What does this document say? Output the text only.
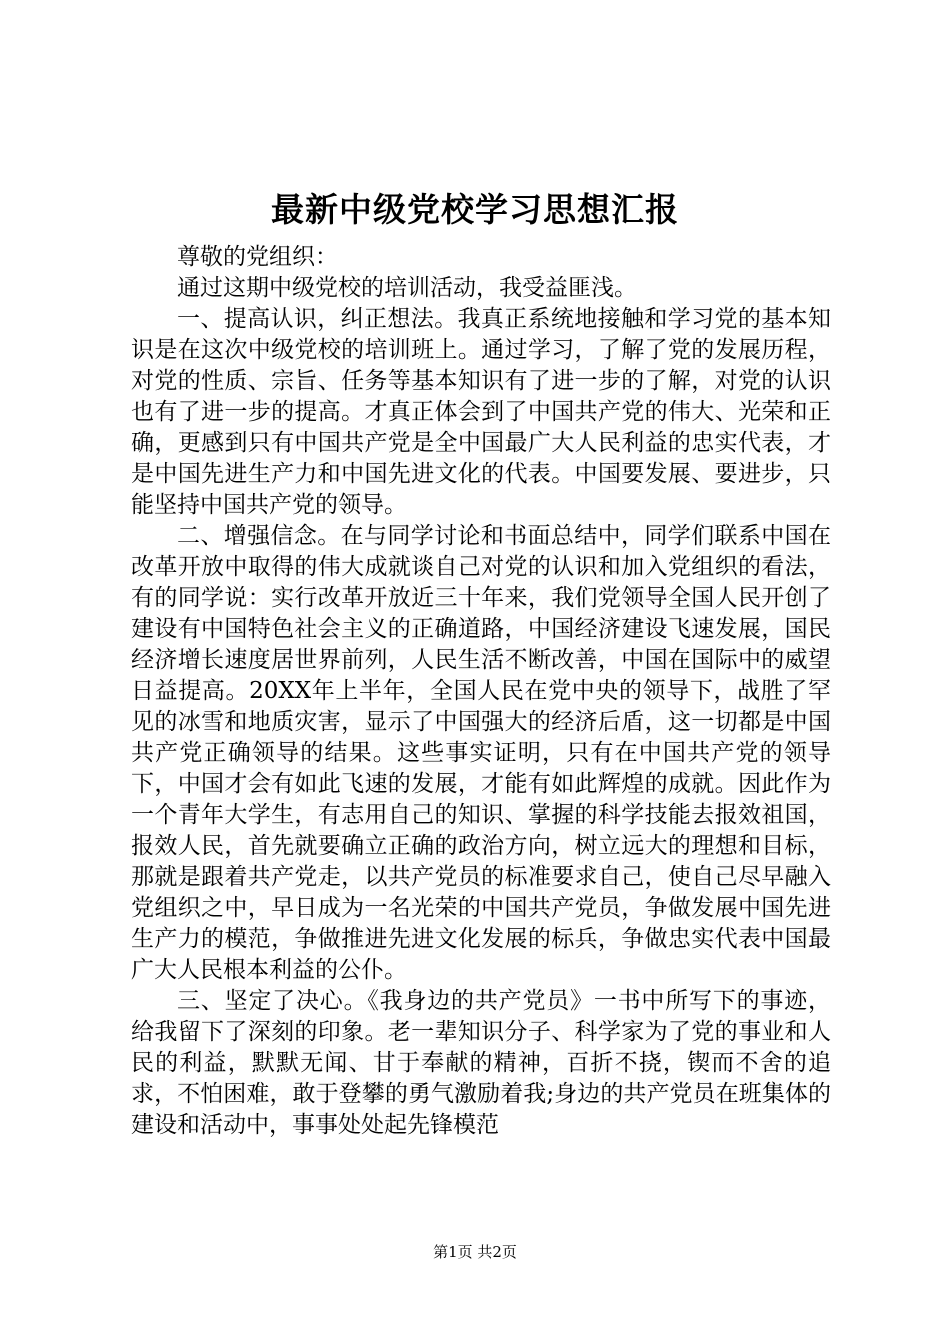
最新中级党校学习思想汇报

尊敬的党组织：

通过这期中级党校的培训活动，我受益匪浅。

一、提高认识，纠正想法。我真正系统地接触和学习党的基本知识是在这次中级党校的培训班上。通过学习，了解了党的发展历程，对党的性质、宗旨、任务等基本知识有了进一步的了解，对党的认识也有了进一步的提高。才真正体会到了中国共产党的伟大、光荣和正确，更感到只有中国共产党是全中国最广大人民利益的忠实代表，才是中国先进生产力和中国先进文化的代表。中国要发展、要进步，只能坚持中国共产党的领导。

二、增强信念。在与同学讨论和书面总结中，同学们联系中国在改革开放中取得的伟大成就谈自己对党的认识和加入党组织的看法，有的同学说：实行改革开放近三十年来，我们党领导全国人民开创了建设有中国特色社会主义的正确道路，中国经济建设飞速发展，国民经济增长速度居世界前列，人民生活不断改善，中国在国际中的威望日益提高。20XX年上半年，全国人民在党中央的领导下，战胜了罕见的冰雪和地质灾害，显示了中国强大的经济后盾，这一切都是中国共产党正确领导的结果。这些事实证明，只有在中国共产党的领导下，中国才会有如此飞速的发展，才能有如此辉煌的成就。因此作为一个青年大学生，有志用自己的知识、掌握的科学技能去报效祖国，报效人民，首先就要确立正确的政治方向，树立远大的理想和目标，那就是跟着共产党走，以共产党员的标准要求自己，使自己尽早融入党组织之中，早日成为一名光荣的中国共产党员，争做发展中国先进生产力的模范，争做推进先进文化发展的标兵，争做忠实代表中国最广大人民根本利益的公仆。

三、坚定了决心。《我身边的共产党员》一书中所写下的事迹，给我留下了深刻的印象。老一辈知识分子、科学家为了党的事业和人民的利益，默默无闻、甘于奉献的精神，百折不挠，锲而不舍的追求，不怕困难，敢于登攀的勇气激励着我;身边的共产党员在班集体的建设和活动中，事事处处起先锋模范

第1页 共2页
